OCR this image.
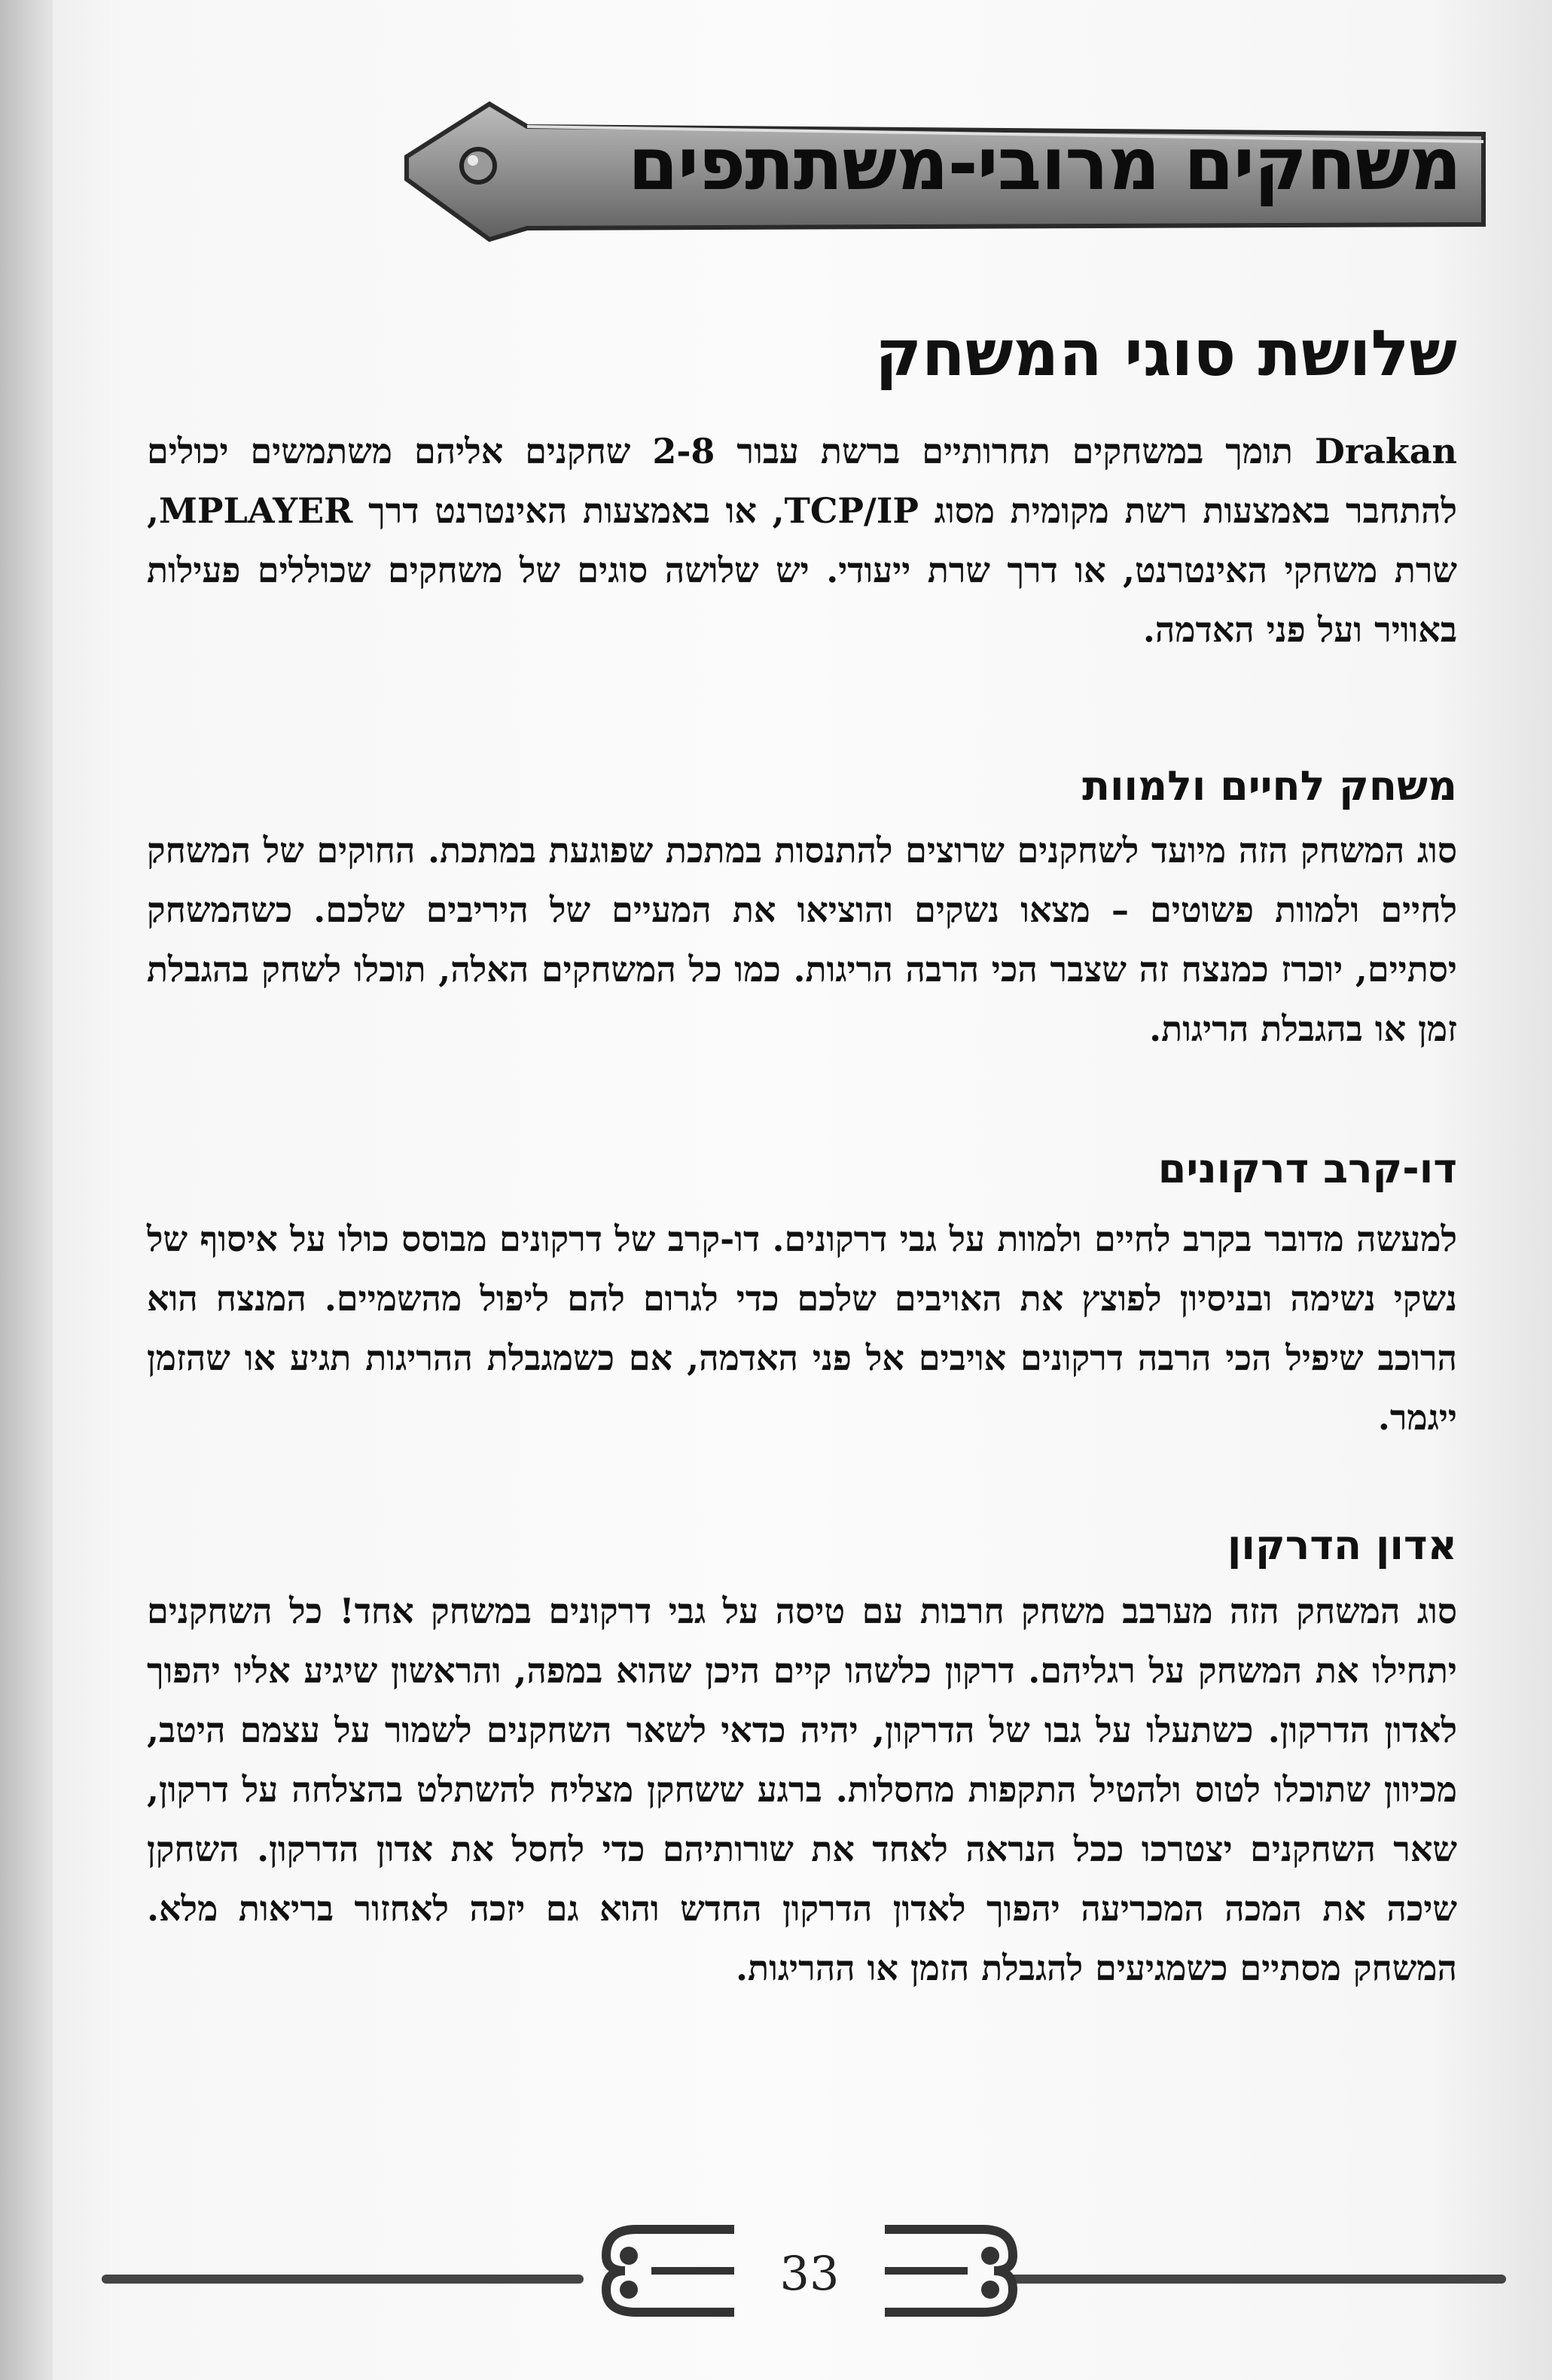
משחקים מרובי-משתתפים
שלושת סוגי המשחק
Drakan תומך במשחקים תחרותיים ברשת עבור 2-8 שחקנים אליהם משתמשים יכולים להתחבר באמצעות רשת מקומית מסוג TCP/IP, או באמצעות האינטרנט דרך MPLAYER, שרת משחקי האינטרנט, או דרך שרת ייעודי. יש שלושה סוגים של משחקים שכוללים פעילות באוויר ועל פני האדמה.
משחק לחיים ולמוות
סוג המשחק הזה מיועד לשחקנים שרוצים להתנסות במתכת שפוגעת במתכת. החוקים של המשחק לחיים ולמוות פשוטים – מצאו נשקים והוציאו את המעיים של היריבים שלכם. כשהמשחק יסתיים, יוכרז כמנצח זה שצבר הכי הרבה הריגות. כמו כל המשחקים האלה, תוכלו לשחק בהגבלת זמן או בהגבלת הריגות.
דו-קרב דרקונים
למעשה מדובר בקרב לחיים ולמוות על גבי דרקונים. דו-קרב של דרקונים מבוסס כולו על איסוף של נשקי נשימה ובניסיון לפוצץ את האויבים שלכם כדי לגרום להם ליפול מהשמיים. המנצח הוא הרוכב שיפיל הכי הרבה דרקונים אויבים אל פני האדמה, אם כשמגבלת ההריגות תגיע או שהזמן ייגמר.
אדון הדרקון
סוג המשחק הזה מערבב משחק חרבות עם טיסה על גבי דרקונים במשחק אחד! כל השחקנים יתחילו את המשחק על רגליהם. דרקון כלשהו קיים היכן שהוא במפה, והראשון שיגיע אליו יהפוך לאדון הדרקון. כשתעלו על גבו של הדרקון, יהיה כדאי לשאר השחקנים לשמור על עצמם היטב, מכיוון שתוכלו לטוס ולהטיל התקפות מחסלות. ברגע ששחקן מצליח להשתלט בהצלחה על דרקון, שאר השחקנים יצטרכו ככל הנראה לאחד את שורותיהם כדי לחסל את אדון הדרקון. השחקן שיכה את המכה המכריעה יהפוך לאדון הדרקון החדש והוא גם יזכה לאחזור בריאות מלא. המשחק מסתיים כשמגיעים להגבלת הזמן או ההריגות.
33
